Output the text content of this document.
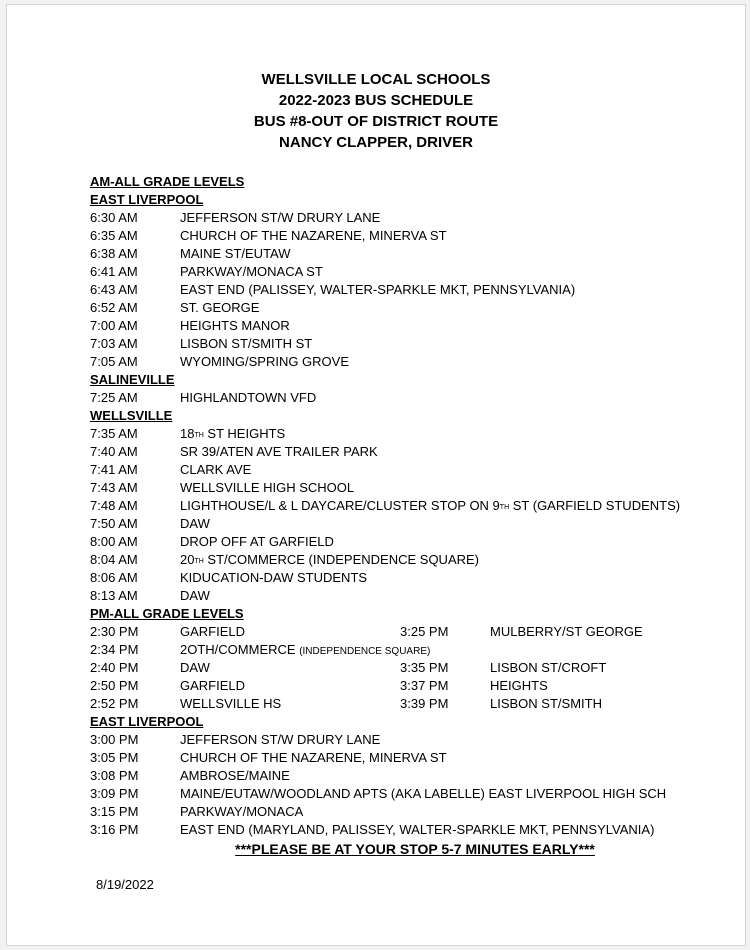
WELLSVILLE LOCAL SCHOOLS
2022-2023 BUS SCHEDULE
BUS #8-OUT OF DISTRICT ROUTE
NANCY CLAPPER, DRIVER
AM-ALL GRADE LEVELS
EAST LIVERPOOL
6:30 AM	JEFFERSON ST/W DRURY LANE
6:35 AM	CHURCH OF THE NAZARENE, MINERVA ST
6:38 AM	MAINE ST/EUTAW
6:41 AM	PARKWAY/MONACA ST
6:43 AM	EAST END (PALISSEY, WALTER-SPARKLE MKT, PENNSYLVANIA)
6:52 AM	ST. GEORGE
7:00 AM	HEIGHTS MANOR
7:03 AM	LISBON ST/SMITH ST
7:05 AM	WYOMING/SPRING GROVE
SALINEVILLE
7:25 AM	HIGHLANDTOWN VFD
WELLSVILLE
7:35 AM	18TH ST HEIGHTS
7:40 AM	SR 39/ATEN AVE TRAILER PARK
7:41 AM	CLARK AVE
7:43 AM	WELLSVILLE HIGH SCHOOL
7:48 AM	LIGHTHOUSE/L & L DAYCARE/CLUSTER STOP ON 9TH ST (GARFIELD STUDENTS)
7:50 AM	DAW
8:00 AM	DROP OFF AT GARFIELD
8:04 AM	20TH ST/COMMERCE (INDEPENDENCE SQUARE)
8:06 AM	KIDUCATION-DAW STUDENTS
8:13 AM	DAW
PM-ALL GRADE LEVELS
2:30 PM	GARFIELD	3:25 PM	MULBERRY/ST GEORGE
2:34 PM	2OTH/COMMERCE (INDEPENDENCE SQUARE)
2:40 PM	DAW	3:35 PM	LISBON ST/CROFT
2:50 PM	GARFIELD	3:37 PM	HEIGHTS
2:52 PM	WELLSVILLE HS	3:39 PM	LISBON ST/SMITH
EAST LIVERPOOL
3:00 PM	JEFFERSON ST/W DRURY LANE
3:05 PM	CHURCH OF THE NAZARENE, MINERVA ST
3:08 PM	AMBROSE/MAINE
3:09 PM	MAINE/EUTAW/WOODLAND APTS (AKA LABELLE) EAST LIVERPOOL HIGH SCH
3:15 PM	PARKWAY/MONACA
3:16 PM	EAST END (MARYLAND, PALISSEY, WALTER-SPARKLE MKT, PENNSYLVANIA)
***PLEASE BE AT YOUR STOP 5-7 MINUTES EARLY***
8/19/2022
